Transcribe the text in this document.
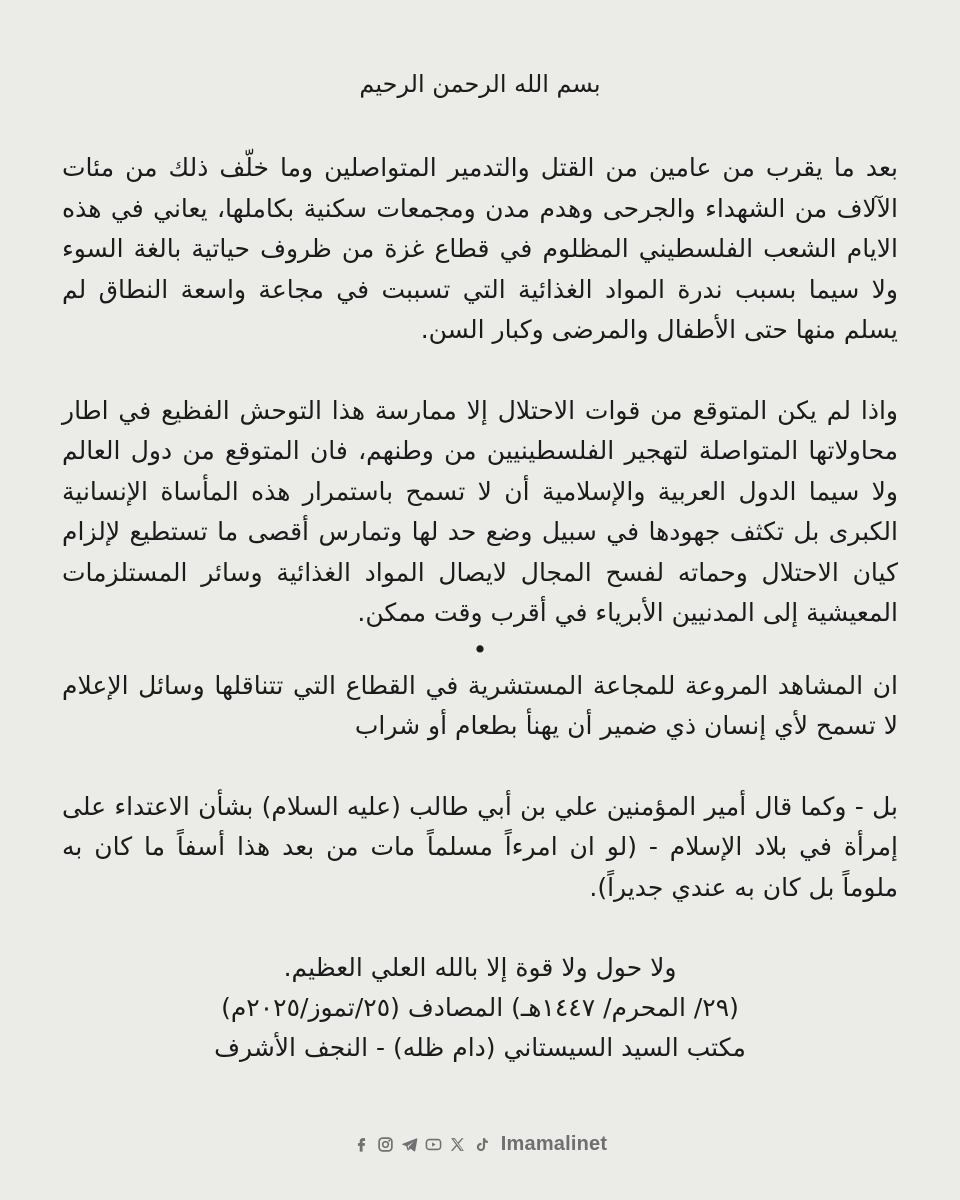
بسم الله الرحمن الرحيم

بعد ما يقرب من عامين من القتل والتدمير المتواصلين وما خلّف ذلك من مئات الآلاف من الشهداء والجرحى وهدم مدن ومجمعات سكنية بكاملها، يعاني في هذه الايام الشعب الفلسطيني المظلوم في قطاع غزة من ظروف حياتية بالغة السوء ولا سيما بسبب ندرة المواد الغذائية التي تسببت في مجاعة واسعة النطاق لم يسلم منها حتى الأطفال والمرضى وكبار السن.

واذا لم يكن المتوقع من قوات الاحتلال إلا ممارسة هذا التوحش الفظيع في اطار محاولاتها المتواصلة لتهجير الفلسطينيين من وطنهم، فان المتوقع من دول العالم ولا سيما الدول العربية والإسلامية أن لا تسمح باستمرار هذه المأساة الإنسانية الكبرى بل تكثف جهودها في سبيل وضع حد لها وتمارس أقصى ما تستطيع لإلزام كيان الاحتلال وحماته لفسح المجال لايصال المواد الغذائية وسائر المستلزمات المعيشية إلى المدنيين الأبرياء في أقرب وقت ممكن.

•

ان المشاهد المروعة للمجاعة المستشرية في القطاع التي تتناقلها وسائل الإعلام لا تسمح لأي إنسان ذي ضمير أن يهنأ بطعام أو شراب

بل - وكما قال أمير المؤمنين علي بن أبي طالب (عليه السلام) بشأن الاعتداء على إمرأة في بلاد الإسلام - (لو ان امرءاً مسلماً مات من بعد هذا أسفاً ما كان به ملوماً بل كان به عندي جديراً).

ولا حول ولا قوة إلا بالله العلي العظيم.
(٢٩/ المحرم/ ١٤٤٧هـ) المصادف (٢٥/تموز/٢٠٢٥م)
مكتب السيد السيستاني (دام ظله) - النجف الأشرف
Imamalinet
